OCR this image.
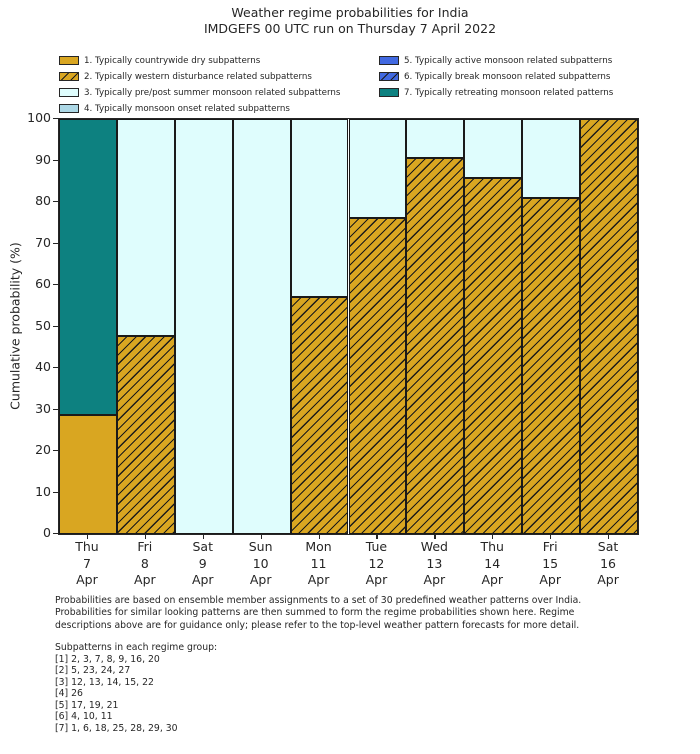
Weather regime probabilities for India
IMDGEFS 00 UTC run on Thursday 7 April 2022
1. Typically countrywide dry subpatterns
2. Typically western disturbance related subpatterns
3. Typically pre/post summer monsoon related subpatterns
4. Typically monsoon onset related subpatterns
5. Typically active monsoon related subpatterns
6. Typically break monsoon related subpatterns
7. Typically retreating monsoon related patterns
Cumulative probability (%)
0
10
20
30
40
50
60
70
80
90
100
Thu
7
Apr
Fri
8
Apr
Sat
9
Apr
Sun
10
Apr
Mon
11
Apr
Tue
12
Apr
Wed
13
Apr
Thu
14
Apr
Fri
15
Apr
Sat
16
Apr
Probabilities are based on ensemble member assignments to a set of 30 predefined weather patterns over India.
Probabilities for similar looking patterns are then summed to form the regime probabilities shown here. Regime
descriptions above are for guidance only; please refer to the top-level weather pattern forecasts for more detail.
Subpatterns in each regime group:
[1] 2, 3, 7, 8, 9, 16, 20
[2] 5, 23, 24, 27
[3] 12, 13, 14, 15, 22
[4] 26
[5] 17, 19, 21
[6] 4, 10, 11
[7] 1, 6, 18, 25, 28, 29, 30
